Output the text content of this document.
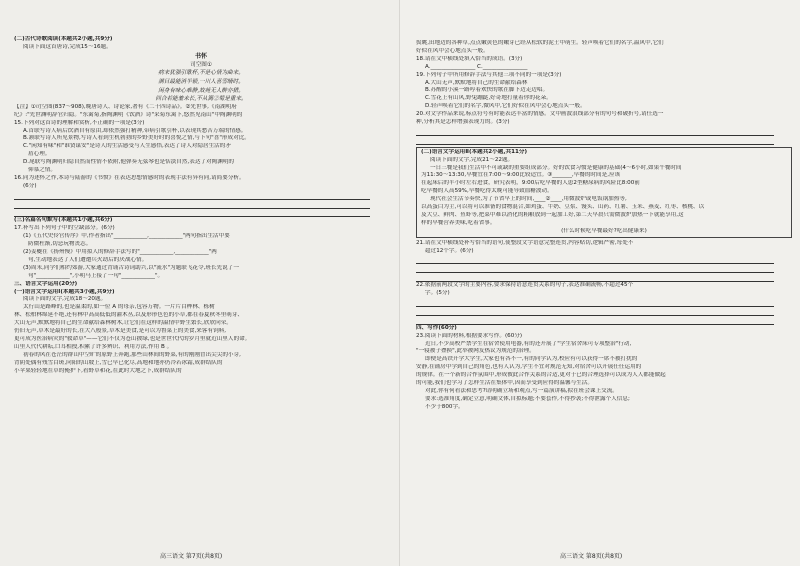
(二)古代诗歌阅读(本题共2小题,共9分)
阅读下面这首唐诗,完成15～16题。
书怀
司空图①
病来犹强引歌杯,不是心情为曲来。
满目最能消半锁,一川人喜雪晴时。
闲身有味心难静,故苑无人醉亦猜。
回合若能羞未长,不从篱②菊是重来。
【注】①司空图(837～908),晚唐诗人、诗论家,著有《二十四诗品》。②先世事,《南湖明府
纪》:"先世渊明辞官归隐。"东篱菊,指陶渊明《饮酒》诗"采菊东篱下,悠然见南山"中陶渊明的
15.下列对这首诗的理解和赏析,不正确的一项是(3分)
A.首联写诗人病后饮酒自有原由,却依然强打精神,带病引歌引杯,以表现其愁苦万端的情感。
B.颔联写诗人所见景物,写诗人看到生机勃勃的乡野美好时的喜悦之情,与下句"喜"形成对比。
C."闲知有味"和"谁贤谋安"是诗人的生活感受与人生感悟,表达了诗人对隐居生活的矛
盾心理。
D.尾联写陶渊明归隐自然而性情不依附,他弹奏无弦琴也是恬淡自然,表达了对陶渊明的
仰慕之情。
16.同为述怀之作,本诗与陆游的《书愤》在表达思想情感时的表现手法有异有同,请简要分析。
(6分)
(三)名篇名句默写(本题共1小题,共6分)
17.补写出下列句子中的空缺部分。(6分)
(1)《五代史伶官传序》中,作者指出"____________,____________"两句指出生活中要
防微杜渐,切忌玩物丧志。
(2)姜夔在《扬州慢》中用拟人的修辞手法写的"____________,____________"两
句,生动地表达了人们遭遭兵火劫后的厌战心情。
(3)周末,同学们相约郊游,大家通过背诵古诗词助兴,以"流水"为题联飞花令,班长先说了一
句"____________",小明马上接了一句"____________"。
三、语言文字运用(20分)
(一)语言文字运用Ⅰ(本题共3小题,共9分)
阅读下面的文字,完成18～20题。
太行山是路峰的,也是温柔的,如一位 A 的母亲,包容万物。一片片白桦林、栎树
林、松柏林绵延不绝,还有林中高高低低的灌木丛,以及形形色色的小草,都在春夏秋冬里萌芽、
大山无声,默默地将自己的生命献给森林树木,让它们在这样的温情中野生繁长,欣欣向荣。
仍旧无声,草木是最好的长,在大八般景,草木是美食,是可以为鲁菜上的美食,来客有饲料,
更可成为医治病灾的"救命草"——它们不仅为苍山披绿,也是世世代代的岁月里就近山里人的命。
山里人代代耕耘,口耳相授,积累了许多辨识、利用方法,作用 B 。
初春的风在苍茫的群山中空旷的原野上奔跑,那些山林间的野菜,有的刚刚冒出尖尖的小芽,
背阴处偶有残雪白斑,向阳的山坡上,雪已早已化尽,高地和地亦仍冷若冰霜,成群结队的
小苹果轻轻地在草的掩护下,看野草和花,在此时大地之下,成群结队的
高三语文 第7页(共8页)
鬓眺,田地边的各种草,点点嫩黄色的嫩芽已经从松软的泥土中萌生。轻声唤着它们的名字,温风中,它们
好似在风中会心地点头一般。
18.请在文中横线处填入恰当的成语。(3分)
A.________________ C.________________
19.下列句子中所用修辞手法与其他三项不同的一项是(3分)
A.大山无声,默默地将自己的生命献给森林
B.苏醒的小溪一路哼着欢快的歌在脚下边走边唱。
C.雪花上有山风,野兔蹦跶,好奇地打量着你的花朵。
D.轻声唤着它们的名字,微风中,它们好似在风中会心地点头一般。
20.对文学作品来说,标点符号有时能表达丰富的情感。文中画波浪线部分有的句号和破折号,请任选一
种,分析其是怎样增强表现力的。(3分)
(二)语言文字运用Ⅱ(本题共2小题,共11分)
阅读下面的文字,完成21～22题。
一日三餐是我们生活中不可或缺的重要组成部分。好的饮食习惯是健康的基础(4～6小时,如果午餐时间
为11:30～13:30,早餐宜在7:00～9:00比较适宜。③_______,早餐的时间是,应该
在起床后的半小时左右进食，研究表明，9:00后吃早餐的人患2型糖尿病的风险比8:00前
吃早餐的人高59%,早餐吃得太晚可能导致血糖波动。
现代社会生活节奏快,为了节省早上的时间,____②____,用微波炉或电饭锅加热等,
以高蛋白为主,可以将可以准备的食物混合,如鸡蛋、牛奶、豆浆、馒头、山药、红薯、玉米、燕麦、红枣、核桃、以
及大豆、鲜肉、鱼虾等,把菜中难以消化的粗粮放到一起加工好,第二天早晨只需微波炉加热一下就能享用,这
样的早餐营养美味,吃着省事。
(什么时候吃早餐最好?吃出健康来)
21.请在文中横线处补写恰当的语句,使整段文字语意完整连贯,内容贴切,逻辑严密,每处不
超过12个字。(6分)
22.依据前两段文字的主要内容,要求保持语意连贯关系的句子,表达准确流畅,不超过45个
字。(5分)
四、写作(60分)
23.阅读下面的材料,根据要求写作。(60分)
近日,不少高校严禁学生在宿舍使用电器,有的还开展了"学生宿舍床可专项整治"行动,
"一寝被子叠换",此举被网友热议为规范的治理。
即便是高铁开学大学生,大家也有各不一,有的同学认为,校应有可以获得一席不被打扰的
安静,在铺房中学到自己的角色,也有人认为,学生不宜对规范无知,对宿舍可以开展任任运用的
的规律。在一个新的合作氛围中,形成彼此合作关系的合适,更对于已的合理选择可以成为人人都能做起
的可能,我们也学习了怎样生活在集体中,因而享受到应得的温馨与生活。
对此,你有何看法和思考?请明确立场和观点,写一篇演讲稿,拟在班会课上交流。
要求:选准角度,确定立意,明确文体,自拟标题;不要套作,不得抄袭;不得泄露个人信息;
不少于800字。
高三语文 第8页(共8页)
